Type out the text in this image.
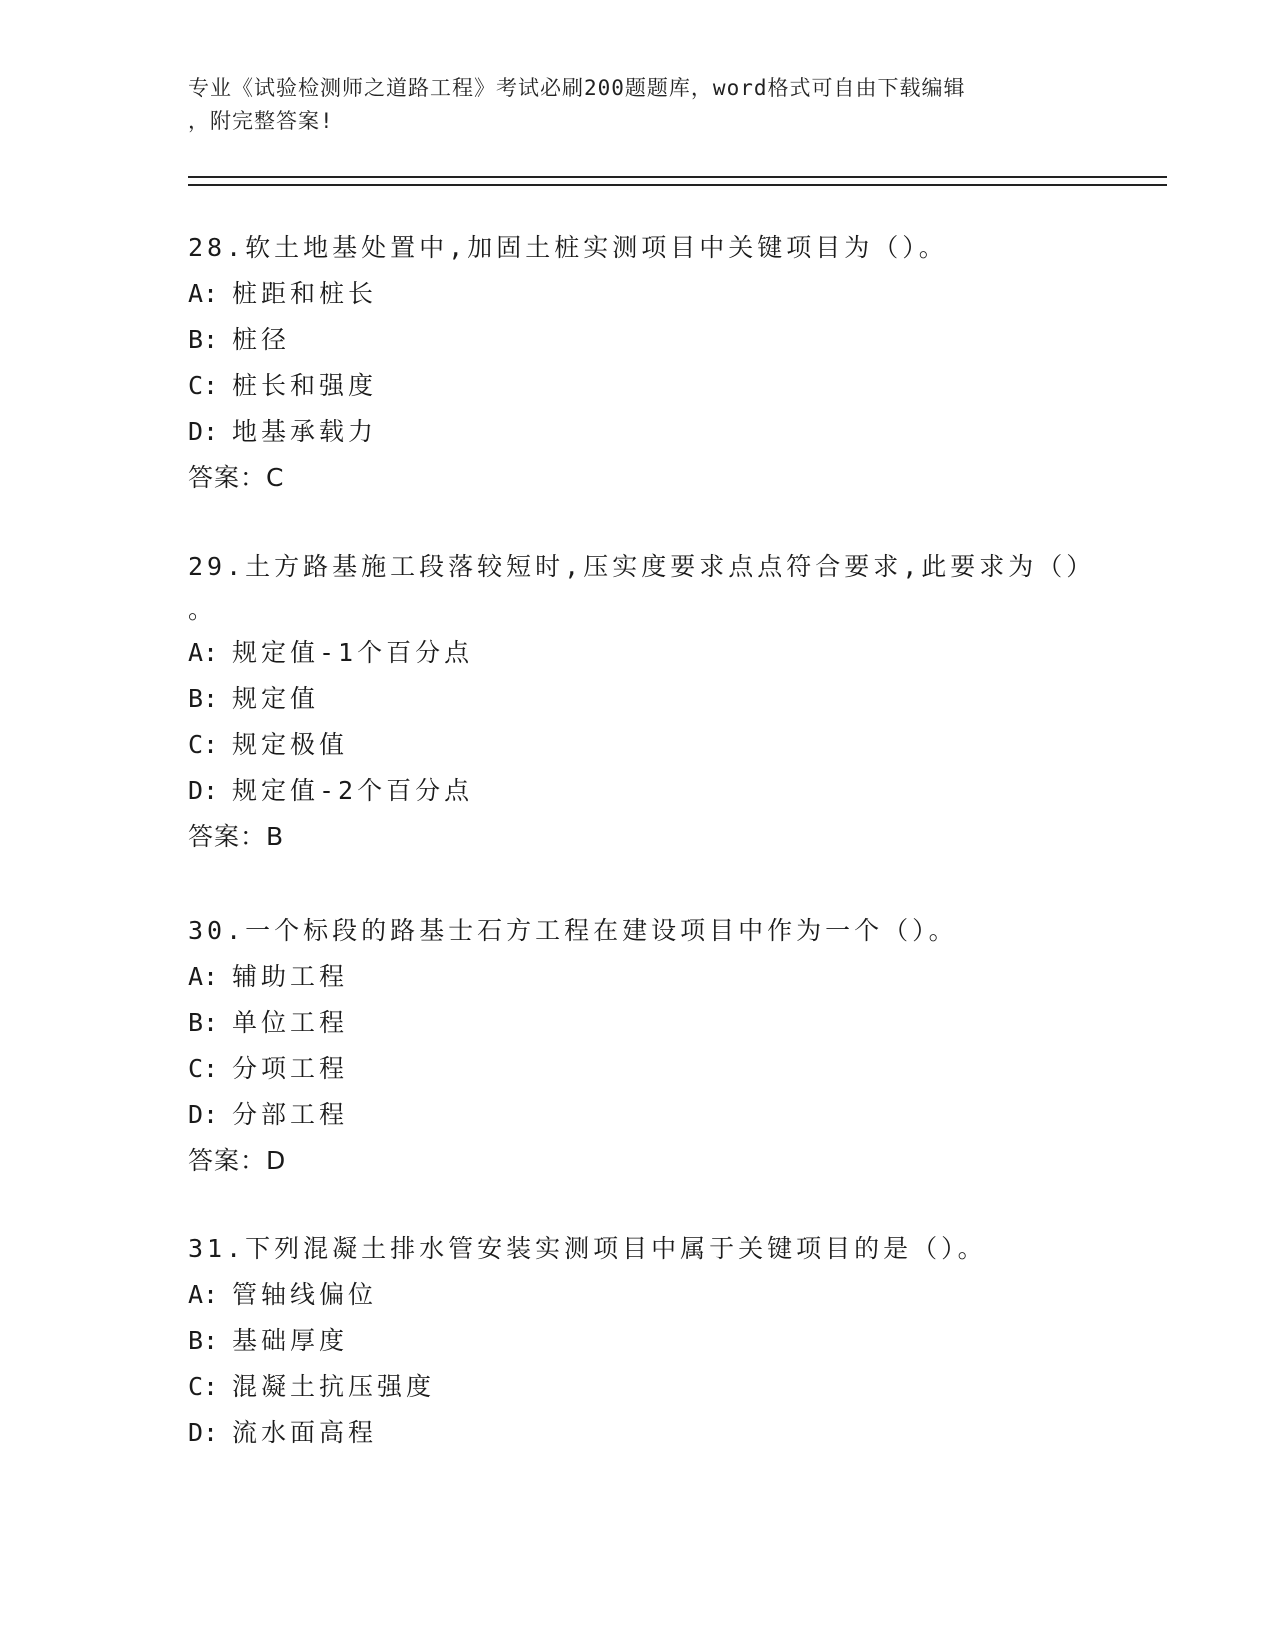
专业《试验检测师之道路工程》考试必刷200题题库，word格式可自由下载编辑
，附完整答案!

28.软土地基处置中,加固土桩实测项目中关键项目为（）。

A: 桩距和桩长

B: 桩径

C: 桩长和强度

D: 地基承载力

答案：C

29.土方路基施工段落较短时,压实度要求点点符合要求,此要求为（）

。

A: 规定值-1个百分点

B: 规定值

C: 规定极值

D: 规定值-2个百分点

答案：B

30.一个标段的路基士石方工程在建设项目中作为一个（）。

A: 辅助工程

B: 单位工程

C: 分项工程

D: 分部工程

答案：D

31.下列混凝土排水管安装实测项目中属于关键项目的是（）。

A: 管轴线偏位

B: 基础厚度

C: 混凝土抗压强度

D: 流水面高程
